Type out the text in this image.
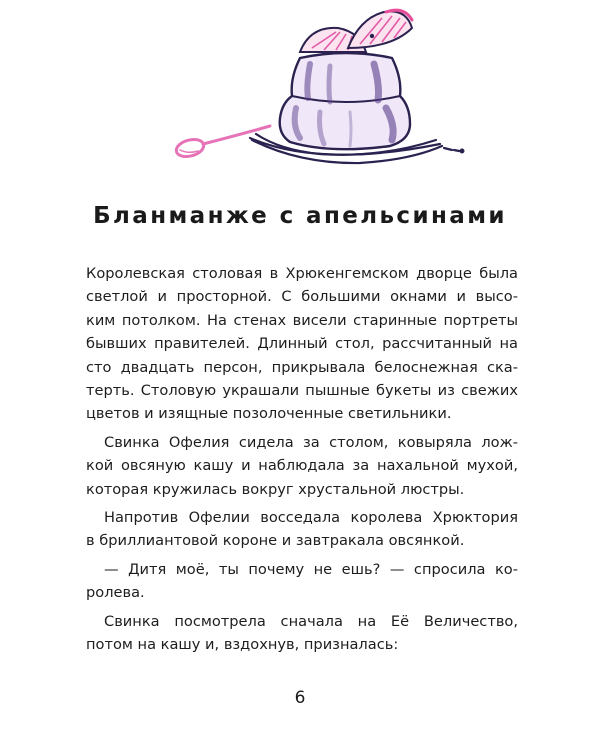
Бланманже с апельсинами

Королевская столовая в Хрюкенгемском дворце была
светлой и просторной. С большими окнами и высо-
ким потолком. На стенах висели старинные портреты
бывших правителей. Длинный стол, рассчитанный на
сто двадцать персон, прикрывала белоснежная ска-
терть. Столовую украшали пышные букеты из свежих
цветов и изящные позолоченные светильники.

Свинка Офелия сидела за столом, ковыряла лож-
кой овсяную кашу и наблюдала за нахальной мухой,
которая кружилась вокруг хрустальной люстры.

Напротив Офелии восседала королева Хрюктория
в бриллиантовой короне и завтракала овсянкой.

— Дитя моё, ты почему не ешь? — спросила ко-
ролева.

Свинка посмотрела сначала на Её Величество,
потом на кашу и, вздохнув, призналась:

6
